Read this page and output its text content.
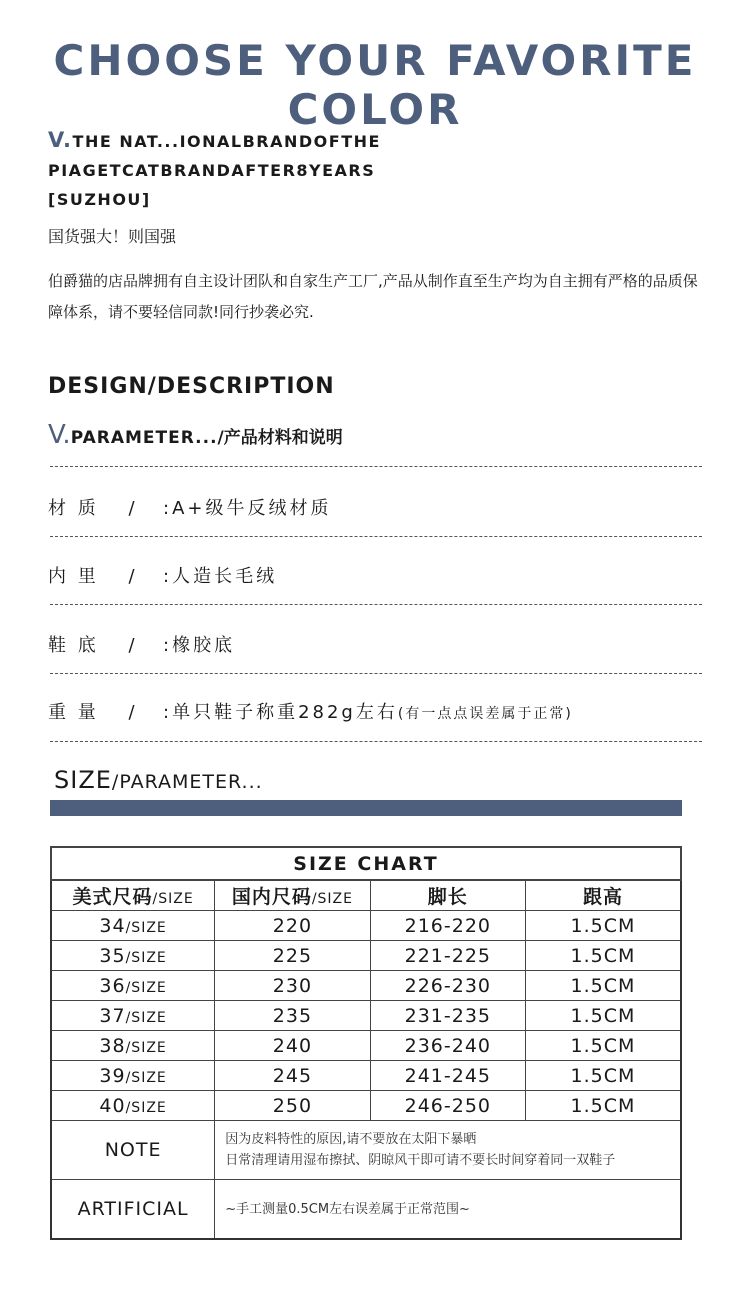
CHOOSE YOUR FAVORITE COLOR
V.THE NAT...IONALBRANDOFTHE
PIAGETCATBRANDAFTER8YEARS
[SUZHOU]
国货强大！则国强
伯爵猫的店品牌拥有自主设计团队和自家生产工厂,产品从制作直至生产均为自主拥有严格的品质保障体系，请不要轻信同款!同行抄袭必究.
DESIGN/DESCRIPTION
V.PARAMETER.../产品材料和说明
材 质 　/	:A+级牛反绒材质
内 里 　/	:人造长毛绒
鞋 底 　/	:橡胶底
重 量 　/	:单只鞋子称重282g左右(有一点点误差属于正常)
SIZE/PARAMETER...
SIZE CHART			
美式尺码/SIZE	国内尺码/SIZE	脚长	跟高
34/SIZE	220	216-220	1.5CM
35/SIZE	225	221-225	1.5CM
36/SIZE	230	226-230	1.5CM
37/SIZE	235	231-235	1.5CM
38/SIZE	240	236-240	1.5CM
39/SIZE	245	241-245	1.5CM
40/SIZE	250	246-250	1.5CM
NOTE	因为皮料特性的原因,请不要放在太阳下暴晒
日常清理请用湿布擦拭、阴晾风干即可请不要长时间穿着同一双鞋子		

ARTIFICIAL	~手工测量0.5CM左右误差属于正常范围~		
